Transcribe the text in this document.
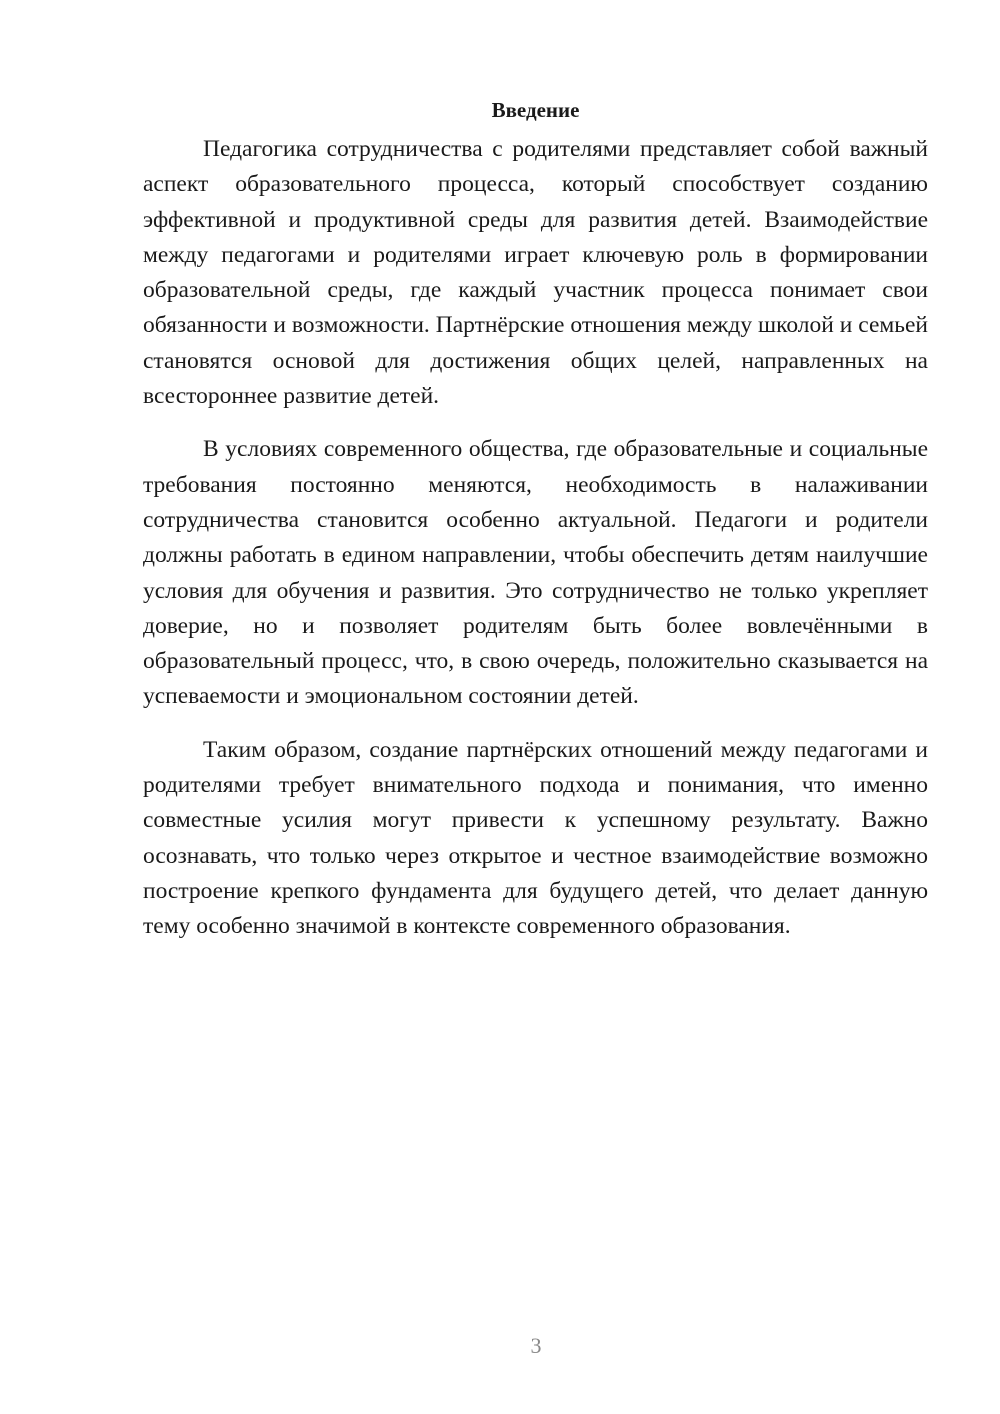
Введение

Педагогика сотрудничества с родителями представляет собой важный аспект образовательного процесса, который способствует созданию эффективной и продуктивной среды для развития детей. Взаимодействие между педагогами и родителями играет ключевую роль в формировании образовательной среды, где каждый участник процесса понимает свои обязанности и возможности. Партнёрские отношения между школой и семьей становятся основой для достижения общих целей, направленных на всестороннее развитие детей.

В условиях современного общества, где образовательные и социальные требования постоянно меняются, необходимость в налаживании сотрудничества становится особенно актуальной. Педагоги и родители должны работать в едином направлении, чтобы обеспечить детям наилучшие условия для обучения и развития. Это сотрудничество не только укрепляет доверие, но и позволяет родителям быть более вовлечёнными в образовательный процесс, что, в свою очередь, положительно сказывается на успеваемости и эмоциональном состоянии детей.

Таким образом, создание партнёрских отношений между педагогами и родителями требует внимательного подхода и понимания, что именно совместные усилия могут привести к успешному результату. Важно осознавать, что только через открытое и честное взаимодействие возможно построение крепкого фундамента для будущего детей, что делает данную тему особенно значимой в контексте современного образования.

3
